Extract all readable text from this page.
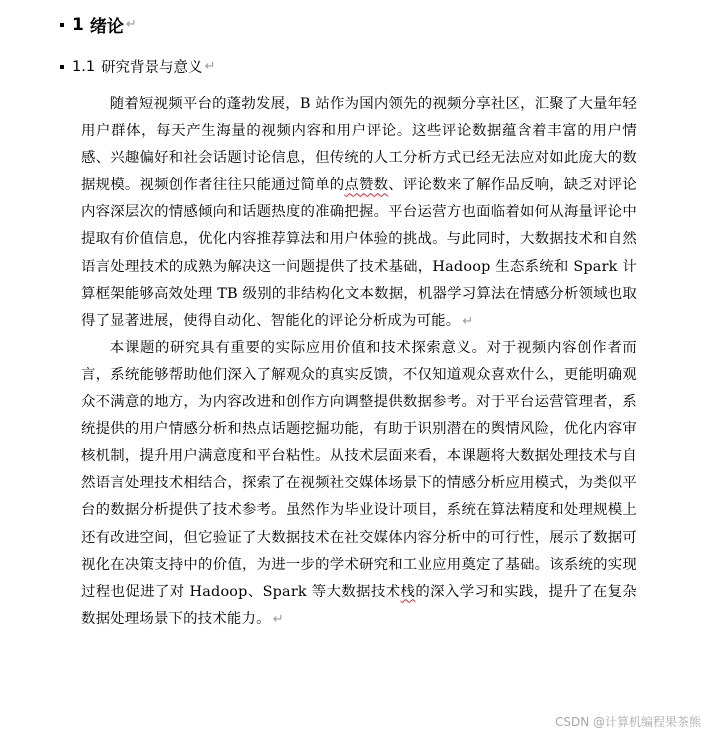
1 绪论 ↵
1.1 研究背景与意义 ↵

随着短视频平台的蓬勃发展，B 站作为国内领先的视频分享社区，汇聚了大量年轻用户群体，每天产生海量的视频内容和用户评论。这些评论数据蕴含着丰富的用户情感、兴趣偏好和社会话题讨论信息，但传统的人工分析方式已经无法应对如此庞大的数据规模。视频创作者往往只能通过简单的点赞数、评论数来了解作品反响，缺乏对评论内容深层次的情感倾向和话题热度的准确把握。平台运营方也面临着如何从海量评论中提取有价值信息，优化内容推荐算法和用户体验的挑战。与此同时，大数据技术和自然语言处理技术的成熟为解决这一问题提供了技术基础，Hadoop 生态系统和 Spark 计算框架能够高效处理 TB 级别的非结构化文本数据，机器学习算法在情感分析领域也取得了显著进展，使得自动化、智能化的评论分析成为可能。 ↵

本课题的研究具有重要的实际应用价值和技术探索意义。对于视频内容创作者而言，系统能够帮助他们深入了解观众的真实反馈，不仅知道观众喜欢什么，更能明确观众不满意的地方，为内容改进和创作方向调整提供数据参考。对于平台运营管理者，系统提供的用户情感分析和热点话题挖掘功能，有助于识别潜在的舆情风险，优化内容审核机制，提升用户满意度和平台粘性。从技术层面来看，本课题将大数据处理技术与自然语言处理技术相结合，探索了在视频社交媒体场景下的情感分析应用模式，为类似平台的数据分析提供了技术参考。虽然作为毕业设计项目，系统在算法精度和处理规模上还有改进空间，但它验证了大数据技术在社交媒体内容分析中的可行性，展示了数据可视化在决策支持中的价值，为进一步的学术研究和工业应用奠定了基础。该系统的实现过程也促进了对 Hadoop、Spark 等大数据技术栈的深入学习和实践，提升了在复杂数据处理场景下的技术能力。 ↵

CSDN @计算机编程果茶熊
